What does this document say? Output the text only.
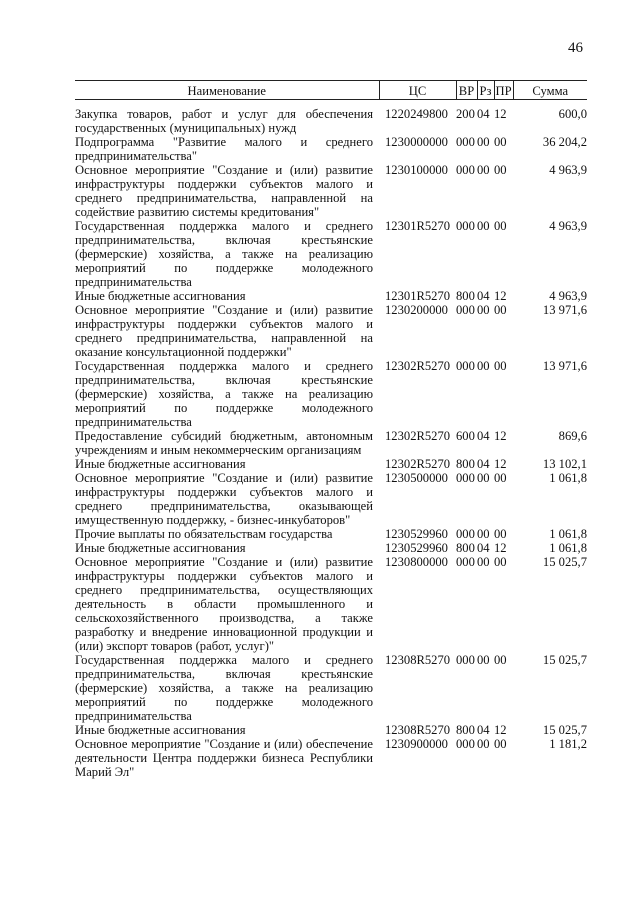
46
Наименование	ЦС	ВР	Рз	ПР	Сумма

Закупка товаров, работ и услуг для обеспечения государственных (муниципальных) нужд	1220249800	200	04	12	600,0
Подпрограмма "Развитие малого и среднего предпринимательства"	1230000000	000	00	00	36 204,2
Основное мероприятие "Создание и (или) развитие инфраструктуры поддержки субъектов малого и среднего предпринимательства, направленной на содействие развитию системы кредитования"	1230100000	000	00	00	4 963,9
Государственная поддержка малого и среднего предпринимательства, включая крестьянские (фермерские) хозяйства, а также на реализацию мероприятий по поддержке молодежного предпринимательства	12301R5270	000	00	00	4 963,9
Иные бюджетные ассигнования	12301R5270	800	04	12	4 963,9
Основное мероприятие "Создание и (или) развитие инфраструктуры поддержки субъектов малого и среднего предпринимательства, направленной на оказание консультационной поддержки"	1230200000	000	00	00	13 971,6
Государственная поддержка малого и среднего предпринимательства, включая крестьянские (фермерские) хозяйства, а также на реализацию мероприятий по поддержке молодежного предпринимательства	12302R5270	000	00	00	13 971,6
Предоставление субсидий бюджетным, автономным учреждениям и иным некоммерческим организациям	12302R5270	600	04	12	869,6
Иные бюджетные ассигнования	12302R5270	800	04	12	13 102,1
Основное мероприятие "Создание и (или) развитие инфраструктуры поддержки субъектов малого и среднего предпринимательства, оказывающей имущественную поддержку, - бизнес-инкубаторов"	1230500000	000	00	00	1 061,8
Прочие выплаты по обязательствам государства	1230529960	000	00	00	1 061,8
Иные бюджетные ассигнования	1230529960	800	04	12	1 061,8
Основное мероприятие "Создание и (или) развитие инфраструктуры поддержки субъектов малого и среднего предпринимательства, осуществляющих деятельность в области промышленного и сельскохозяйственного производства, а также разработку и внедрение инновационной продукции и (или) экспорт товаров (работ, услуг)"	1230800000	000	00	00	15 025,7
Государственная поддержка малого и среднего предпринимательства, включая крестьянские (фермерские) хозяйства, а также на реализацию мероприятий по поддержке молодежного предпринимательства	12308R5270	000	00	00	15 025,7
Иные бюджетные ассигнования	12308R5270	800	04	12	15 025,7
Основное мероприятие "Создание и (или) обеспечение деятельности Центра поддержки бизнеса Республики Марий Эл"	1230900000	000	00	00	1 181,2
